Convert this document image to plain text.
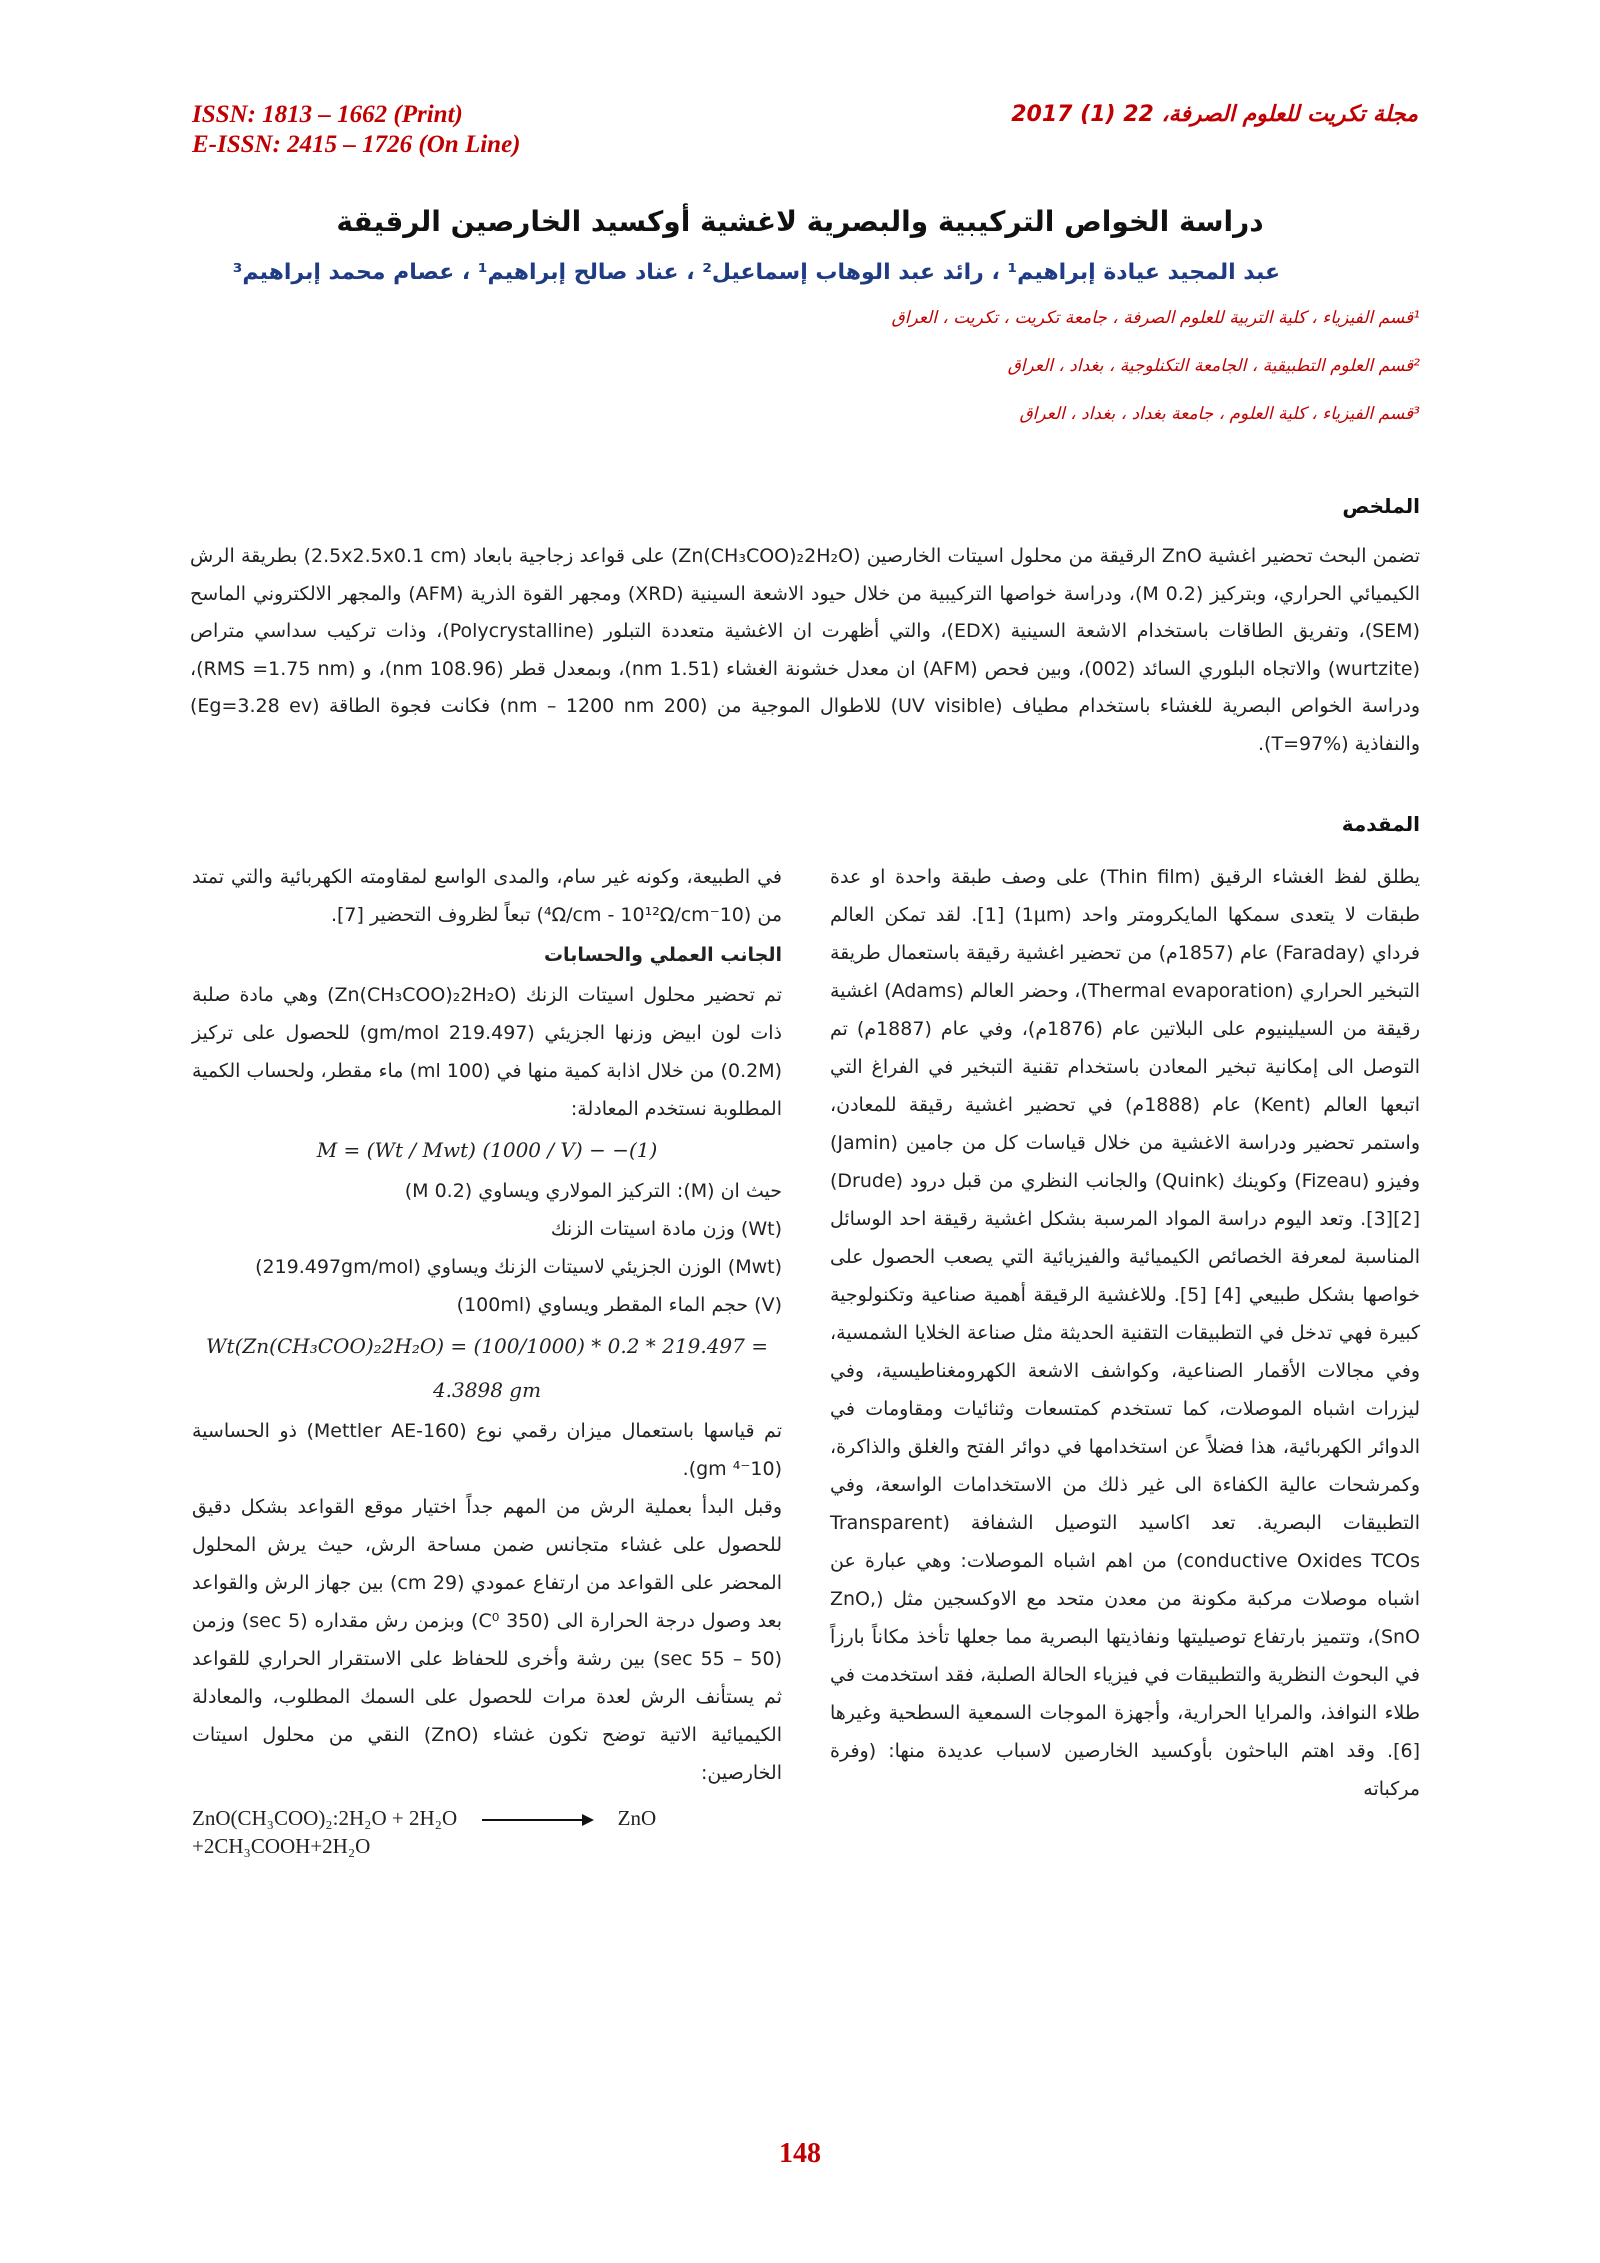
ISSN: 1813 – 1662 (Print)
E-ISSN: 2415 – 1726 (On Line)
مجلة تكريت للعلوم الصرفة، 22 (1) 2017
دراسة الخواص التركيبية والبصرية لاغشية أوكسيد الخارصين الرقيقة
عبد المجيد عيادة إبراهيم¹ ، رائد عبد الوهاب إسماعيل² ، عناد صالح إبراهيم¹ ، عصام محمد إبراهيم³
¹قسم الفيزياء ، كلية التربية للعلوم الصرفة ، جامعة تكريت ، تكريت ، العراق
²قسم العلوم التطبيقية ، الجامعة التكنلوجية ، بغداد ، العراق
³قسم الفيزياء ، كلية العلوم ، جامعة بغداد ، بغداد ، العراق
الملخص
تضمن البحث تحضير اغشية ZnO الرقيقة من محلول اسيتات الخارصين (Zn(CH₃COO)₂2H₂O) على قواعد زجاجية بابعاد (2.5x2.5x0.1 cm) بطريقة الرش الكيميائي الحراري، وبتركيز (0.2 M)، ودراسة خواصها التركيبية من خلال حيود الاشعة السينية (XRD) ومجهر القوة الذرية (AFM) والمجهر الالكتروني الماسح (SEM)، وتفريق الطاقات باستخدام الاشعة السينية (EDX)، والتي أظهرت ان الاغشية متعددة التبلور (Polycrystalline)، وذات تركيب سداسي متراص (wurtzite) والاتجاه البلوري السائد (002)، وبين فحص (AFM) ان معدل خشونة الغشاء (1.51 nm)، وبمعدل قطر (108.96 nm)، و (RMS =1.75 nm)، ودراسة الخواص البصرية للغشاء باستخدام مطياف (UV visible) للاطوال الموجية من (200 nm – 1200 nm) فكانت فجوة الطاقة (Eg=3.28 ev) والنفاذية (T=97%).
المقدمة
يطلق لفظ الغشاء الرقيق (Thin film) على وصف طبقة واحدة او عدة طبقات لا يتعدى سمكها المايكرومتر واحد (1μm) [1]. لقد تمكن العالم فرداي (Faraday) عام (1857م) من تحضير اغشية رقيقة باستعمال طريقة التبخير الحراري (Thermal evaporation)، وحضر العالم (Adams) اغشية رقيقة من السيلينيوم على البلاتين عام (1876م)، وفي عام (1887م) تم التوصل الى إمكانية تبخير المعادن باستخدام تقنية التبخير في الفراغ التي اتبعها العالم (Kent) عام (1888م) في تحضير اغشية رقيقة للمعادن، واستمر تحضير ودراسة الاغشية من خلال قياسات كل من جامين (Jamin) وفيزو (Fizeau) وكوينك (Quink) والجانب النظري من قبل درود (Drude)[2][3]. وتعد اليوم دراسة المواد المرسبة بشكل اغشية رقيقة احد الوسائل المناسبة لمعرفة الخصائص الكيميائية والفيزيائية التي يصعب الحصول على خواصها بشكل طبيعي [4] [5]. وللاغشية الرقيقة أهمية صناعية وتكنولوجية كبيرة فهي تدخل في التطبيقات التقنية الحديثة مثل صناعة الخلايا الشمسية، وفي مجالات الأقمار الصناعية، وكواشف الاشعة الكهرومغناطيسية، وفي ليزرات اشباه الموصلات، كما تستخدم كمتسعات وثنائيات ومقاومات في الدوائر الكهربائية، هذا فضلاً عن استخدامها في دوائر الفتح والغلق والذاكرة، وكمرشحات عالية الكفاءة الى غير ذلك من الاستخدامات الواسعة، وفي التطبيقات البصرية. تعد اكاسيد التوصيل الشفافة (Transparent conductive Oxides TCOs) من اهم اشباه الموصلات: وهي عبارة عن اشباه موصلات مركبة مكونة من معدن متحد مع الاوكسجين مثل (ZnO, SnO)، وتتميز بارتفاع توصيليتها ونفاذيتها البصرية مما جعلها تأخذ مكاناً بارزاً في البحوث النظرية والتطبيقات في فيزياء الحالة الصلبة، فقد استخدمت في طلاء النوافذ، والمرايا الحرارية، وأجهزة الموجات السمعية السطحية وغيرها [6]. وقد اهتم الباحثون بأوكسيد الخارصين لاسباب عديدة منها: (وفرة مركباته

في الطبيعة، وكونه غير سام، والمدى الواسع لمقاومته الكهربائية والتي تمتد من (10⁻⁴Ω/cm - 10¹²Ω/cm) تبعاً لظروف التحضير [7].

الجانب العملي والحسابات

تم تحضير محلول اسيتات الزنك (Zn(CH₃COO)₂2H₂O) وهي مادة صلبة ذات لون ابيض وزنها الجزيئي (219.497 gm/mol) للحصول على تركيز (0.2M) من خلال اذابة كمية منها في (100 ml) ماء مقطر، ولحساب الكمية المطلوبة نستخدم المعادلة:

M = (Wt / Mwt) (1000 / V) − −(1)

حيث ان (M): التركيز المولاري ويساوي (0.2 M)

(Wt) وزن مادة اسيتات الزنك

(Mwt) الوزن الجزيئي لاسيتات الزنك ويساوي (219.497gm/mol)

(V) حجم الماء المقطر ويساوي (100ml)

Wt(Zn(CH₃COO)₂2H₂O) = (100/1000) * 0.2 * 219.497 = 4.3898 gm

تم قياسها باستعمال ميزان رقمي نوع (Mettler AE-160) ذو الحساسية (10⁻⁴ gm).

وقبل البدأ بعملية الرش من المهم جداً اختيار موقع القواعد بشكل دقيق للحصول على غشاء متجانس ضمن مساحة الرش، حيث يرش المحلول المحضر على القواعد من ارتفاع عمودي (29 cm) بين جهاز الرش والقواعد بعد وصول درجة الحرارة الى (350 C⁰) وبزمن رش مقداره (5 sec) وزمن (50 – 55 sec) بين رشة وأخرى للحفاظ على الاستقرار الحراري للقواعد ثم يستأنف الرش لعدة مرات للحصول على السمك المطلوب، والمعادلة الكيميائية الاتية توضح تكون غشاء (ZnO) النقي من محلول اسيتات الخارصين:

ZnO(CH₃COO)₂:2H₂O + 2H₂O	ZnO
+2CH₃COOH+2H₂O
148
